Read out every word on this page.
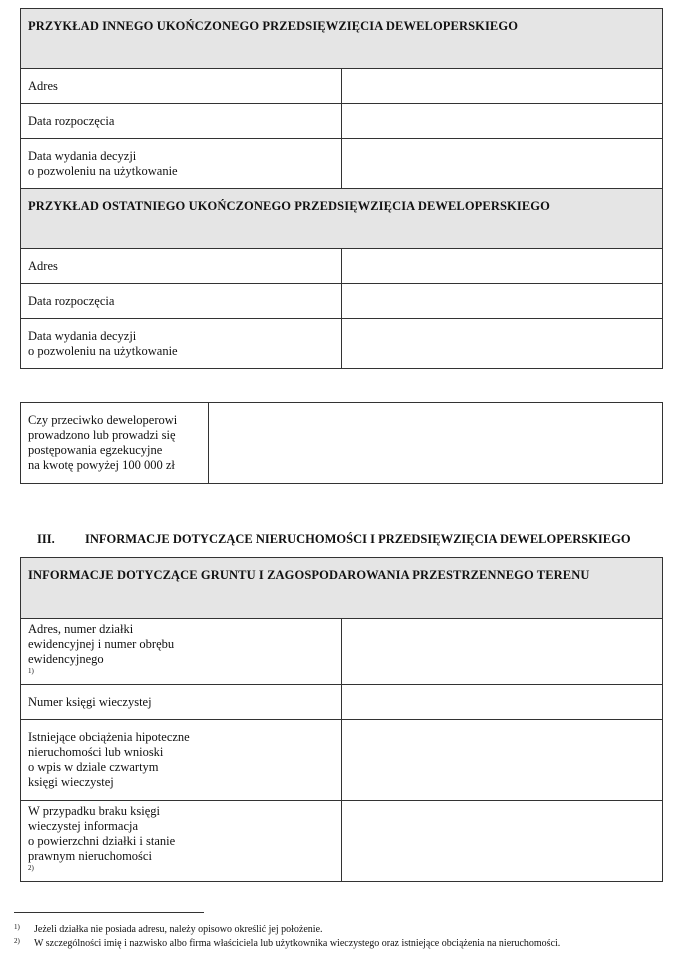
PRZYKŁAD INNEGO UKOŃCZONEGO PRZEDSIĘWZIĘCIA DEWELOPERSKIEGO	

Adres	

Data rozpoczęcia	

Data wydania decyzji
o pozwoleniu na użytkowanie	

PRZYKŁAD OSTATNIEGO UKOŃCZONEGO PRZEDSIĘWZIĘCIA DEWELOPERSKIEGO	

Adres	

Data rozpoczęcia	

Data wydania decyzji
o pozwoleniu na użytkowanie	

Czy przeciwko deweloperowi
prowadzono lub prowadzi się
postępowania egzekucyjne
na kwotę powyżej 100 000 zł

III. INFORMACJE DOTYCZĄCE NIERUCHOMOŚCI I PRZEDSIĘWZIĘCIA DEWELOPERSKIEGO
INFORMACJE DOTYCZĄCE GRUNTU I ZAGOSPODAROWANIA PRZESTRZENNEGO TERENU	

Adres, numer działki
ewidencyjnej i numer obrębu
ewidencyjnego
$^{1)}$

Numer księgi wieczystej	

Istniejące obciążenia hipoteczne
nieruchomości lub wnioski
o wpis w dziale czwartym
księgi wieczystej	

W przypadku braku księgi
wieczystej informacja
o powierzchni działki i stanie
prawnym nieruchomości
$^{2)}$

1) Jeżeli działka nie posiada adresu, należy opisowo określić jej położenie.
2) W szczególności imię i nazwisko albo firma właściciela lub użytkownika wieczystego oraz istniejące obciążenia na nieruchomości.
